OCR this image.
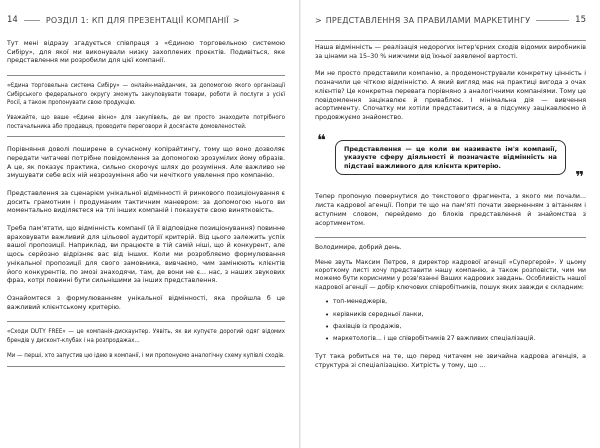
14	РОЗДІЛ 1: КП ДЛЯ ПРЕЗЕНТАЦІЇ КОМПАНІЇ >

Тут мені відразу згадується співпраця з «Єдиною торговельною системою Сибіру», для якої ми виконували низку захоплених проєктів. Подивіться, яке представлення ми розробили для цієї компанії.

«Єдина торговельна система Сибіру» — онлайн-майданчик, за допомогою якого організації Сибірського федерального округу зможуть закуповувати товари, роботи й послуги з усієї Росії, а також пропонувати свою продукцію.

Уважайте, що ваше «Єдине вікно» для закупівель, де ви просто знаходите потрібного постачальника або продавця, проводите переговори й досягаєте домовленостей.

Порівняння доволі поширене в сучасному копірайтингу, тому що воно дозволяє передати читачеві потрібне повідомлення за допомогою зрозумілих йому образів. А це, як показує практика, сильно скорочує шлях до розуміння. Але важливо не змушувати себе всіх ній незрозуміння або чи нечіткого уявлення про компанію.

Представлення за сценарієм унікальної відмінності й ринкового позиціонування є досить грамотним і продуманим тактичним маневром: за допомогою нього ви моментально виділяєтеся на тлі інших компаній і показуєте свою винятковість.

Треба пам'ятати, що відмінність компанії (й її відповідне позиціонування) повинне враховувати важливий для цільової аудиторії критерій. Від цього залежить успіх вашої пропозиції. Наприклад, ви працюєте в тій самій ніші, що й конкурент, але щось серйозно відрізняє вас від інших. Коли ми розробляємо формулювання унікальної пропозиції для свого замовника, вивчаємо, чим замінюють клієнтів його конкурентів, по змозі знаходячи, там, де вони не є... нас, з наших звукових фраз, котрі повинні бути сильнішими за інших представлення.

Ознайомтеся з формулюванням унікальної відмінності, яка пройшла б це важливий клієнтському критерію.

«Сходи DUTY FREE» — це компанія-дискаунтер. Уявіть, як ви купуєте дорогий одяг відомих брендів у дисконт-клубах і на розпродажах...

Ми — перші, хто запустив цю ідею в компанії, і ми пропонуємо аналогічну схему купівлі сходів.

> ПРЕДСТАВЛЕННЯ ЗА ПРАВИЛАМИ МАРКЕТИНГУ	15

Наша відмінність — реалізація недорогих інтер'єрних сходів відомих виробників за цінами на 15–30 % нижчими від їхньої заявленої вартості.

Ми не просто представили компанію, а продемонстрували конкретну цінність і позначили це чіткою відмінністю. А який вигляд має на практиці вигода з очах клієнтів? Це конкретна перевага порівняно з аналогічними компаніями. Тому це повідомлення зацікавлює й приваблює. І мінімальна дія — вивчення асортименту. Спочатку ми хотіли представитися, а в підсумку зацікавлюємо й продовжуємо знайомство.

❝	Представлення — це коли ви називаєте ім'я компанії, указуєте сферу діяльності й позначаєте відмінність на підставі важливого для клієнта критерію.

❞

Тепер пропоную повернутися до текстового фрагмента, з якого ми почали... листа кадрової агенції. Попри те що на пам'яті почати зверненням з вітанням і вступним словом, перейдемо до блоків представлення й знайомства з асортиментом.

Володимире, добрий день.

Мене звуть Максим Петров, я директор кадрової агенції «Супергерой». У цьому короткому листі хочу представити нашу компанію, а також розповісти, чим ми можемо бути корисними у розв'язанні Ваших кадрових завдань. Особливість нашої кадрової агенції — добір ключових співробітників, пошук яких завжди є складним:

• топ-менеджерів,
• керівників середньої ланки,
• фахівців із продажів,
• маркетологів... і ще співробітників 27 важливих спеціалізацій.

Тут така робиться на те, що перед читачем не звичайна кадрова агенція, а структура зі спеціалізацією. Хитрість у тому, що ...
